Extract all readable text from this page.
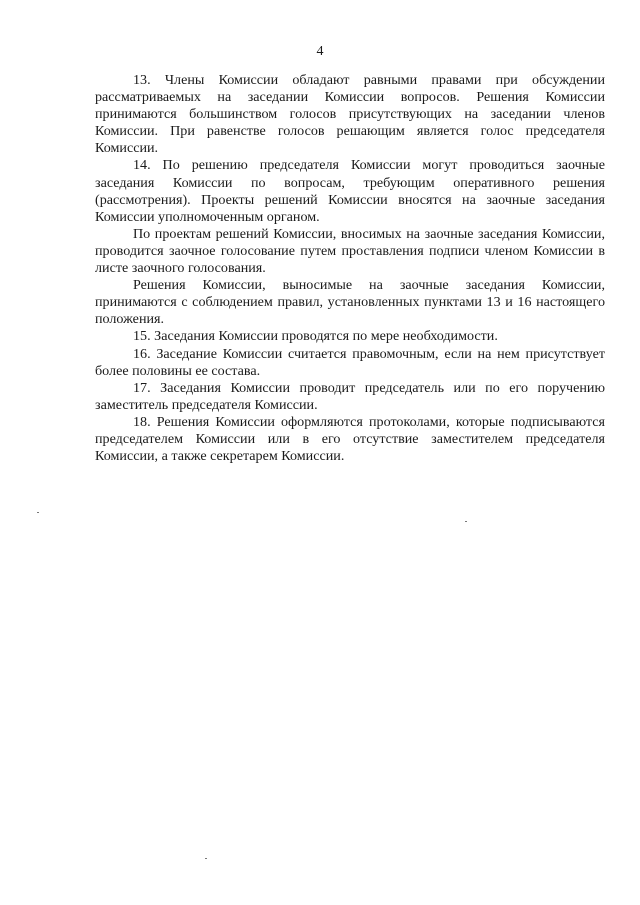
4

13. Члены Комиссии обладают равными правами при обсуждении рассматриваемых на заседании Комиссии вопросов. Решения Комиссии принимаются большинством голосов присутствующих на заседании членов Комиссии. При равенстве голосов решающим является голос председателя Комиссии.

14. По решению председателя Комиссии могут проводиться заочные заседания Комиссии по вопросам, требующим оперативного решения (рассмотрения). Проекты решений Комиссии вносятся на заочные заседания Комиссии уполномоченным органом.

По проектам решений Комиссии, вносимых на заочные заседания Комиссии, проводится заочное голосование путем проставления подписи членом Комиссии в листе заочного голосования.

Решения Комиссии, выносимые на заочные заседания Комиссии, принимаются с соблюдением правил, установленных пунктами 13 и 16 настоящего положения.

15. Заседания Комиссии проводятся по мере необходимости.

16. Заседание Комиссии считается правомочным, если на нем присутствует более половины ее состава.

17. Заседания Комиссии проводит председатель или по его поручению заместитель председателя Комиссии.

18. Решения Комиссии оформляются протоколами, которые подписываются председателем Комиссии или в его отсутствие заместителем председателя Комиссии, а также секретарем Комиссии.
